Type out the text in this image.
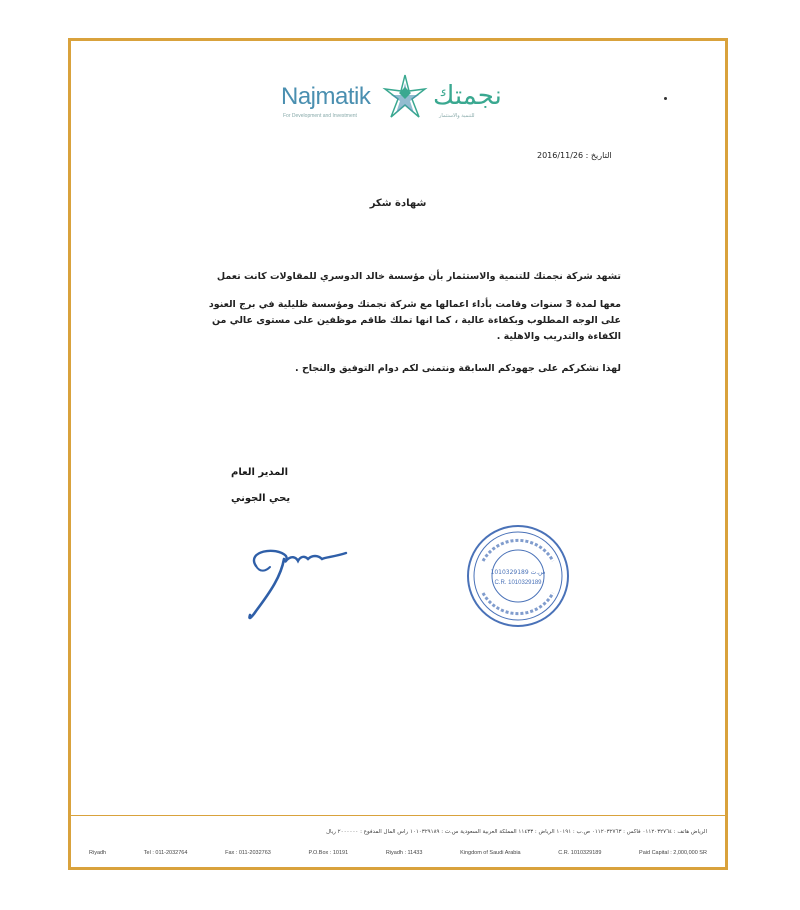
Najmatik
For Development and Investment
نجمتك
للتنمية والاستثمار
التاريخ : 2016/11/26
شهادة شكر
تشهد شركة نجمتك للتنمية والاستثمار بأن مؤسسة خالد الدوسري للمقاولات كانت تعمل
معها لمدة 3 سنوات وقامت بأداء اعمالها مع شركة نجمتك ومؤسسة ظليلية في برج العنود على الوجه المطلوب وبكفاءة عالية ، كما انها تملك طاقم موظفين على مستوى عالي من الكفاءة والتدريب والاهلية .
لهذا نشكركم على جهودكم السابقة ونتمنى لكم دوام التوفيق والنجاح .
المدير العام
يحي الجوني
س.ت 1010329189
C.R. 1010329189
الرياض هاتف : ٠١١٢٠٣٢٧٦٤ فاكس : ٠١١٢٠٣٢٧٦٣ ص.ب : ١٠١٩١ الرياض : ١١٤٣٣ المملكة العربية السعودية س.ت : ١٠١٠٣٢٩١٨٩ رأس المال المدفوع : ٢٠٠٠٠٠٠ ريال
Riyadh	Tel : 011-2032764	Fax : 011-2032763	P.O.Box : 10191	Riyadh : 11433	Kingdom of Saudi Arabia	C.R. 1010329189	Paid Capital : 2,000,000 SR
